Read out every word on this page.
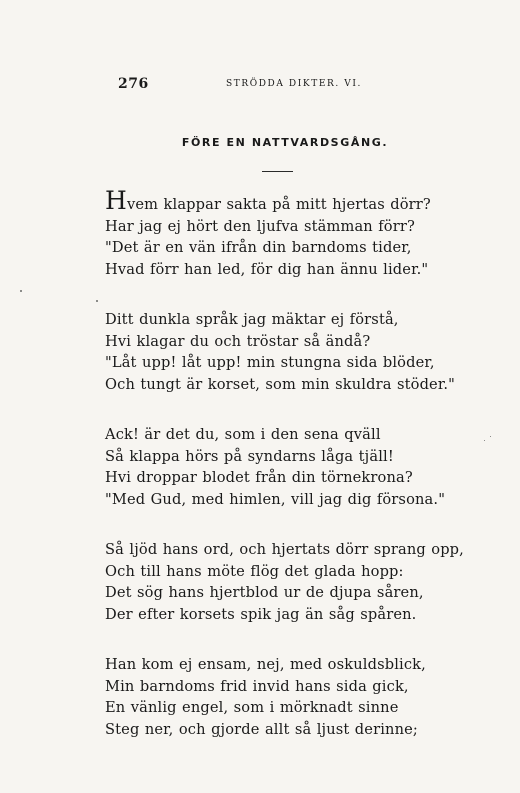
276	STRÖDDA DIKTER. VI.
FÖRE EN NATTVARDSGÅNG.
Hvem klappar sakta på mitt hjertas dörr?
Har jag ej hört den ljufva stämman förr?
"Det är en vän ifrån din barndoms tider,
Hvad förr han led, för dig han ännu lider."
Ditt dunkla språk jag mäktar ej förstå,
Hvi klagar du och tröstar så ändå?
"Låt upp! låt upp! min stungna sida blöder,
Och tungt är korset, som min skuldra stöder."
Ack! är det du, som i den sena qväll
Så klappa hörs på syndarns låga tjäll!
Hvi droppar blodet från din törnekrona?
"Med Gud, med himlen, vill jag dig försona."
Så ljöd hans ord, och hjertats dörr sprang opp,
Och till hans möte flög det glada hopp:
Det sög hans hjertblod ur de djupa såren,
Der efter korsets spik jag än såg spåren.
Han kom ej ensam, nej, med oskuldsblick,
Min barndoms frid invid hans sida gick,
En vänlig engel, som i mörknadt sinne
Steg ner, och gjorde allt så ljust derinne;
